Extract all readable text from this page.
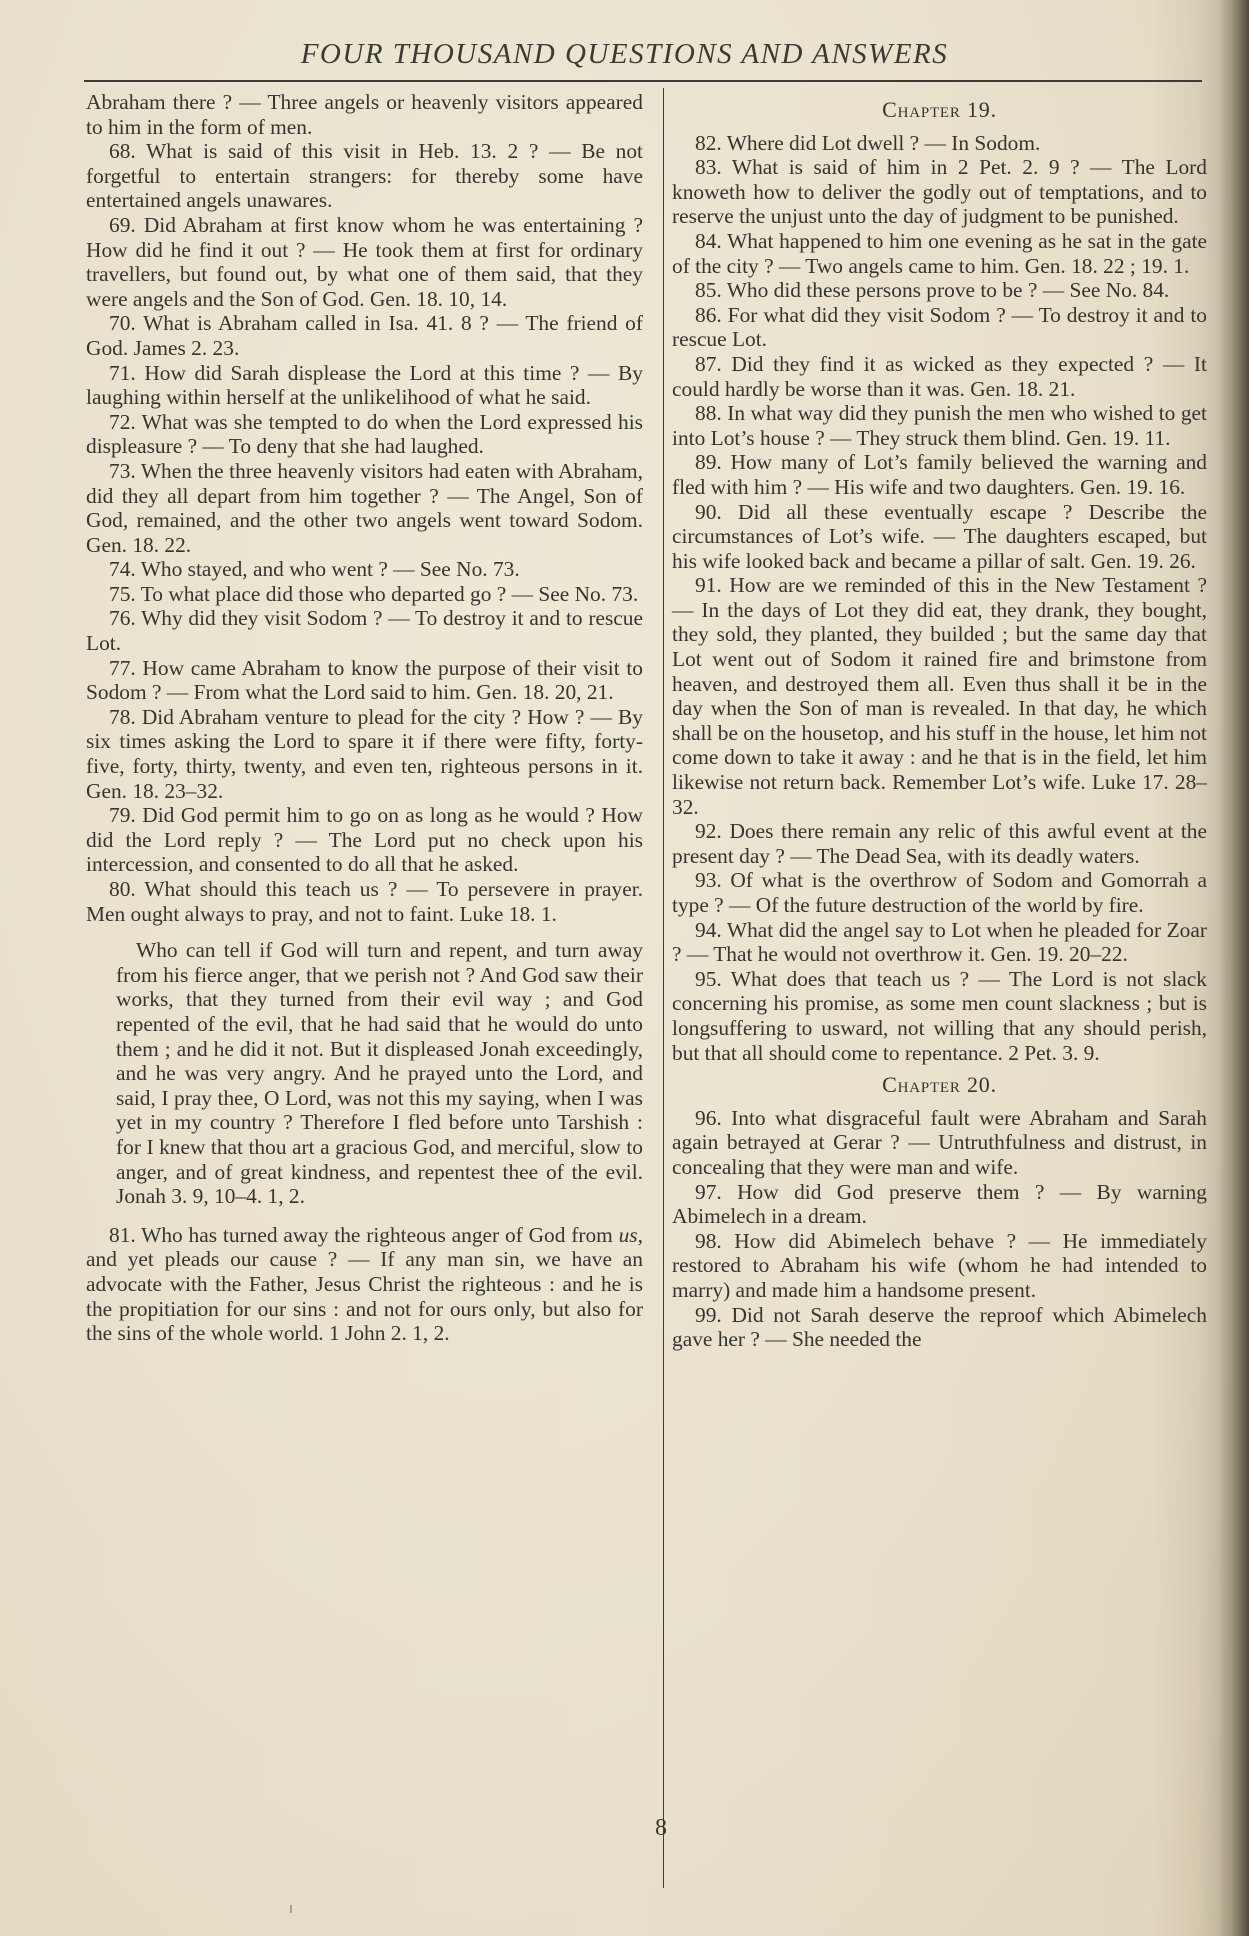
FOUR THOUSAND QUESTIONS AND ANSWERS

Abraham there ? — Three angels or heavenly visitors appeared to him in the form of men.

68. What is said of this visit in Heb. 13. 2 ? — Be not forgetful to entertain strangers: for thereby some have entertained angels unawares.

69. Did Abraham at first know whom he was entertaining ? How did he find it out ? — He took them at first for ordinary travellers, but found out, by what one of them said, that they were angels and the Son of God. Gen. 18. 10, 14.

70. What is Abraham called in Isa. 41. 8 ? — The friend of God. James 2. 23.

71. How did Sarah displease the Lord at this time ? — By laughing within herself at the unlikelihood of what he said.

72. What was she tempted to do when the Lord expressed his displeasure ? — To deny that she had laughed.

73. When the three heavenly visitors had eaten with Abraham, did they all depart from him together ? — The Angel, Son of God, remained, and the other two angels went toward Sodom. Gen. 18. 22.

74. Who stayed, and who went ? — See No. 73.

75. To what place did those who departed go ? — See No. 73.

76. Why did they visit Sodom ? — To destroy it and to rescue Lot.

77. How came Abraham to know the purpose of their visit to Sodom ? — From what the Lord said to him. Gen. 18. 20, 21.

78. Did Abraham venture to plead for the city ? How ? — By six times asking the Lord to spare it if there were fifty, forty-five, forty, thirty, twenty, and even ten, righteous persons in it. Gen. 18. 23–32.

79. Did God permit him to go on as long as he would ? How did the Lord reply ? — The Lord put no check upon his intercession, and consented to do all that he asked.

80. What should this teach us ? — To persevere in prayer. Men ought always to pray, and not to faint. Luke 18. 1.

Who can tell if God will turn and repent, and turn away from his fierce anger, that we perish not ? And God saw their works, that they turned from their evil way ; and God repented of the evil, that he had said that he would do unto them ; and he did it not. But it displeased Jonah exceedingly, and he was very angry. And he prayed unto the Lord, and said, I pray thee, O Lord, was not this my saying, when I was yet in my country ? Therefore I fled before unto Tarshish : for I knew that thou art a gracious God, and merciful, slow to anger, and of great kindness, and repentest thee of the evil. Jonah 3. 9, 10–4. 1, 2.

81. Who has turned away the righteous anger of God from us, and yet pleads our cause ? — If any man sin, we have an advocate with the Father, Jesus Christ the righteous : and he is the propitiation for our sins : and not for ours only, but also for the sins of the whole world. 1 John 2. 1, 2.

Chapter 19.

82. Where did Lot dwell ? — In Sodom.

83. What is said of him in 2 Pet. 2. 9 ? — The Lord knoweth how to deliver the godly out of temptations, and to reserve the unjust unto the day of judgment to be punished.

84. What happened to him one evening as he sat in the gate of the city ? — Two angels came to him. Gen. 18. 22 ; 19. 1.

85. Who did these persons prove to be ? — See No. 84.

86. For what did they visit Sodom ? — To destroy it and to rescue Lot.

87. Did they find it as wicked as they expected ? — It could hardly be worse than it was. Gen. 18. 21.

88. In what way did they punish the men who wished to get into Lot’s house ? — They struck them blind. Gen. 19. 11.

89. How many of Lot’s family believed the warning and fled with him ? — His wife and two daughters. Gen. 19. 16.

90. Did all these eventually escape ? Describe the circumstances of Lot’s wife. — The daughters escaped, but his wife looked back and became a pillar of salt. Gen. 19. 26.

91. How are we reminded of this in the New Testament ? — In the days of Lot they did eat, they drank, they bought, they sold, they planted, they builded ; but the same day that Lot went out of Sodom it rained fire and brimstone from heaven, and destroyed them all. Even thus shall it be in the day when the Son of man is revealed. In that day, he which shall be on the housetop, and his stuff in the house, let him not come down to take it away : and he that is in the field, let him likewise not return back. Remember Lot’s wife. Luke 17. 28–32.

92. Does there remain any relic of this awful event at the present day ? — The Dead Sea, with its deadly waters.

93. Of what is the overthrow of Sodom and Gomorrah a type ? — Of the future destruction of the world by fire.

94. What did the angel say to Lot when he pleaded for Zoar ? — That he would not overthrow it. Gen. 19. 20–22.

95. What does that teach us ? — The Lord is not slack concerning his promise, as some men count slackness ; but is longsuffering to usward, not willing that any should perish, but that all should come to repentance. 2 Pet. 3. 9.

Chapter 20.

96. Into what disgraceful fault were Abraham and Sarah again betrayed at Gerar ? — Untruthfulness and distrust, in concealing that they were man and wife.

97. How did God preserve them ? — By warning Abimelech in a dream.

98. How did Abimelech behave ? — He immediately restored to Abraham his wife (whom he had intended to marry) and made him a handsome present.

99. Did not Sarah deserve the reproof which Abimelech gave her ? — She needed the

8
